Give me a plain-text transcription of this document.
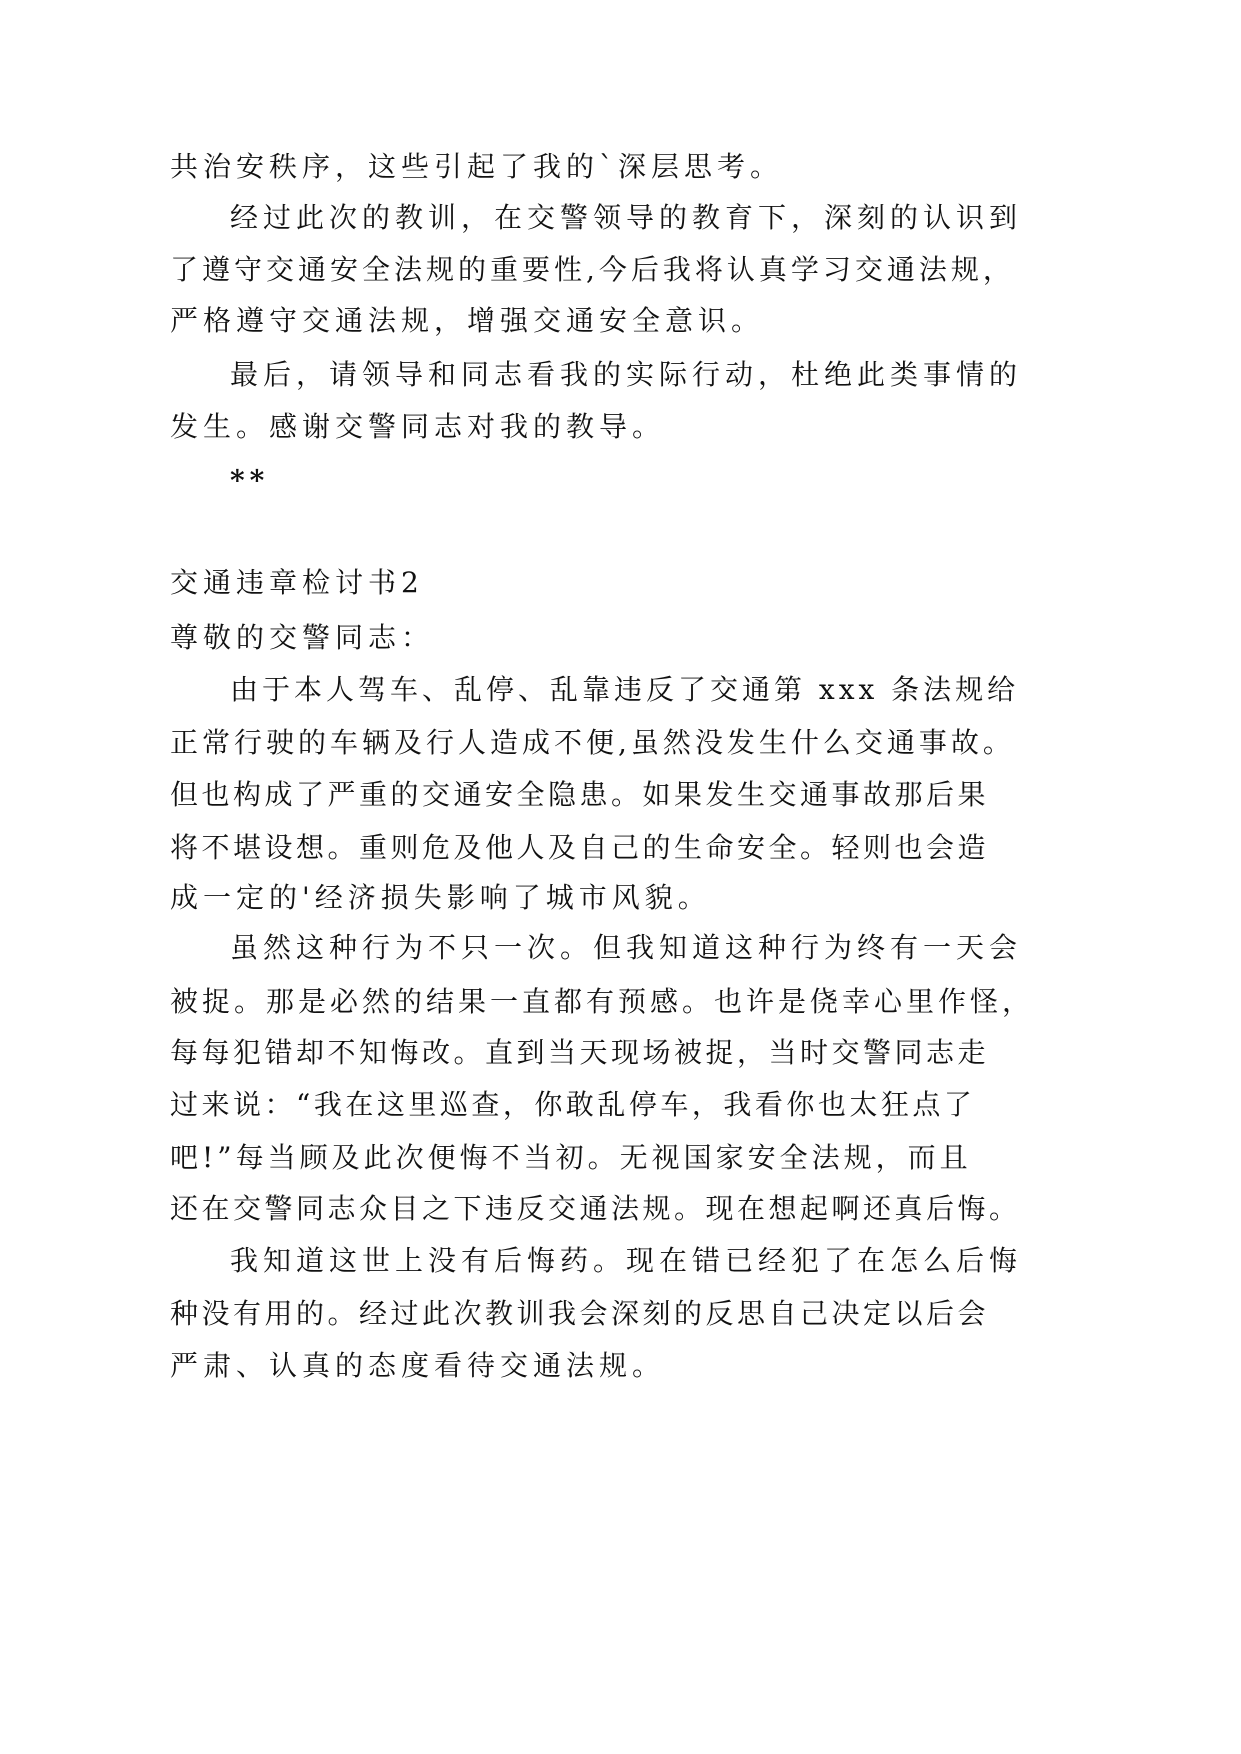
共治安秩序，这些引起了我的`深层思考。
经过此次的教训，在交警领导的教育下，深刻的认识到
了遵守交通安全法规的重要性,今后我将认真学习交通法规，
严格遵守交通法规，增强交通安全意识。
最后，请领导和同志看我的实际行动，杜绝此类事情的
发生。感谢交警同志对我的教导。
**
交通违章检讨书2
尊敬的交警同志：
由于本人驾车、乱停、乱靠违反了交通第 xxx 条法规给
正常行驶的车辆及行人造成不便,虽然没发生什么交通事故。
但也构成了严重的交通安全隐患。如果发生交通事故那后果
将不堪设想。重则危及他人及自己的生命安全。轻则也会造
成一定的'经济损失影响了城市风貌。
虽然这种行为不只一次。但我知道这种行为终有一天会
被捉。那是必然的结果一直都有预感。也许是侥幸心里作怪，
每每犯错却不知悔改。直到当天现场被捉，当时交警同志走
过来说：“我在这里巡查，你敢乱停车，我看你也太狂点了
吧!”每当顾及此次便悔不当初。无视国家安全法规，而且
还在交警同志众目之下违反交通法规。现在想起啊还真后悔。
我知道这世上没有后悔药。现在错已经犯了在怎么后悔
种没有用的。经过此次教训我会深刻的反思自己决定以后会
严肃、认真的态度看待交通法规。
